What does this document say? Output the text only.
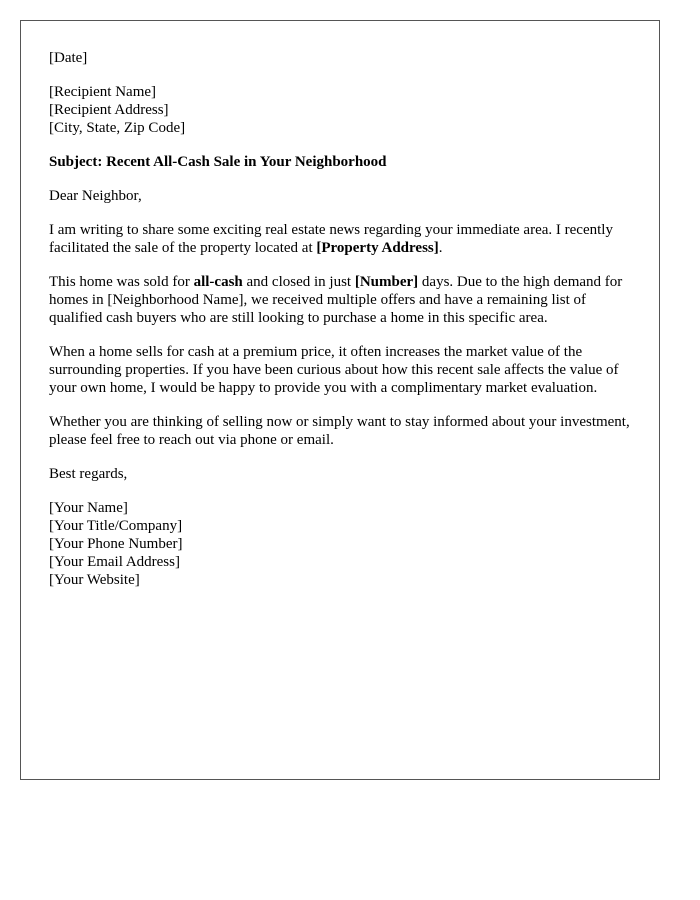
[Date]
[Recipient Name]
[Recipient Address]
[City, State, Zip Code]
Subject: Recent All-Cash Sale in Your Neighborhood
Dear Neighbor,
I am writing to share some exciting real estate news regarding your immediate area. I recently facilitated the sale of the property located at [Property Address].
This home was sold for all-cash and closed in just [Number] days. Due to the high demand for homes in [Neighborhood Name], we received multiple offers and have a remaining list of qualified cash buyers who are still looking to purchase a home in this specific area.
When a home sells for cash at a premium price, it often increases the market value of the surrounding properties. If you have been curious about how this recent sale affects the value of your own home, I would be happy to provide you with a complimentary market evaluation.
Whether you are thinking of selling now or simply want to stay informed about your investment, please feel free to reach out via phone or email.
Best regards,
[Your Name]
[Your Title/Company]
[Your Phone Number]
[Your Email Address]
[Your Website]
